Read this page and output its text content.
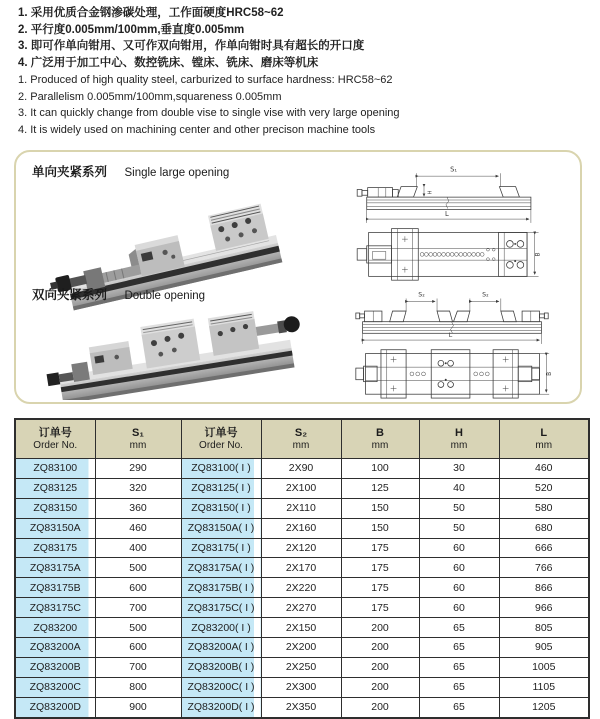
1. 采用优质合金钢渗碳处理，工作面硬度HRC58~62
2. 平行度0.005mm/100mm,垂直度0.005mm
3. 即可作单向钳用、又可作双向钳用，作单向钳时具有超长的开口度
4. 广泛用于加工中心、数控铣床、镗床、铣床、磨床等机床
1. Produced of high quality steel, carburized to surface hardness: HRC58~62
2. Parallelism 0.005mm/100mm,squareness 0.005mm
3. It can quickly change from double vise to single vise with very large opening
4. It is widely used on machining center and other precison machine tools
单向夹紧系列 Single large opening	S₁
H
L
B
双向夹紧系列 Double opening	S₂	S₂
L
B
订单号
Order No.

S₁
mm

订单号
Order No.

S₂
mm

B
mm

H
mm

L
mm

ZQ83100	290	ZQ83100( I )	2X90	100	30	460
ZQ83125	320	ZQ83125( I )	2X100	125	40	520
ZQ83150	360	ZQ83150( I )	2X110	150	50	580
ZQ83150A	460	ZQ83150A( I )	2X160	150	50	680
ZQ83175	400	ZQ83175( I )	2X120	175	60	666
ZQ83175A	500	ZQ83175A( I )	2X170	175	60	766
ZQ83175B	600	ZQ83175B( I )	2X220	175	60	866
ZQ83175C	700	ZQ83175C( I )	2X270	175	60	966
ZQ83200	500	ZQ83200( I )	2X150	200	65	805
ZQ83200A	600	ZQ83200A( I )	2X200	200	65	905
ZQ83200B	700	ZQ83200B( I )	2X250	200	65	1005
ZQ83200C	800	ZQ83200C( I )	2X300	200	65	1105
ZQ83200D	900	ZQ83200D( I )	2X350	200	65	1205
